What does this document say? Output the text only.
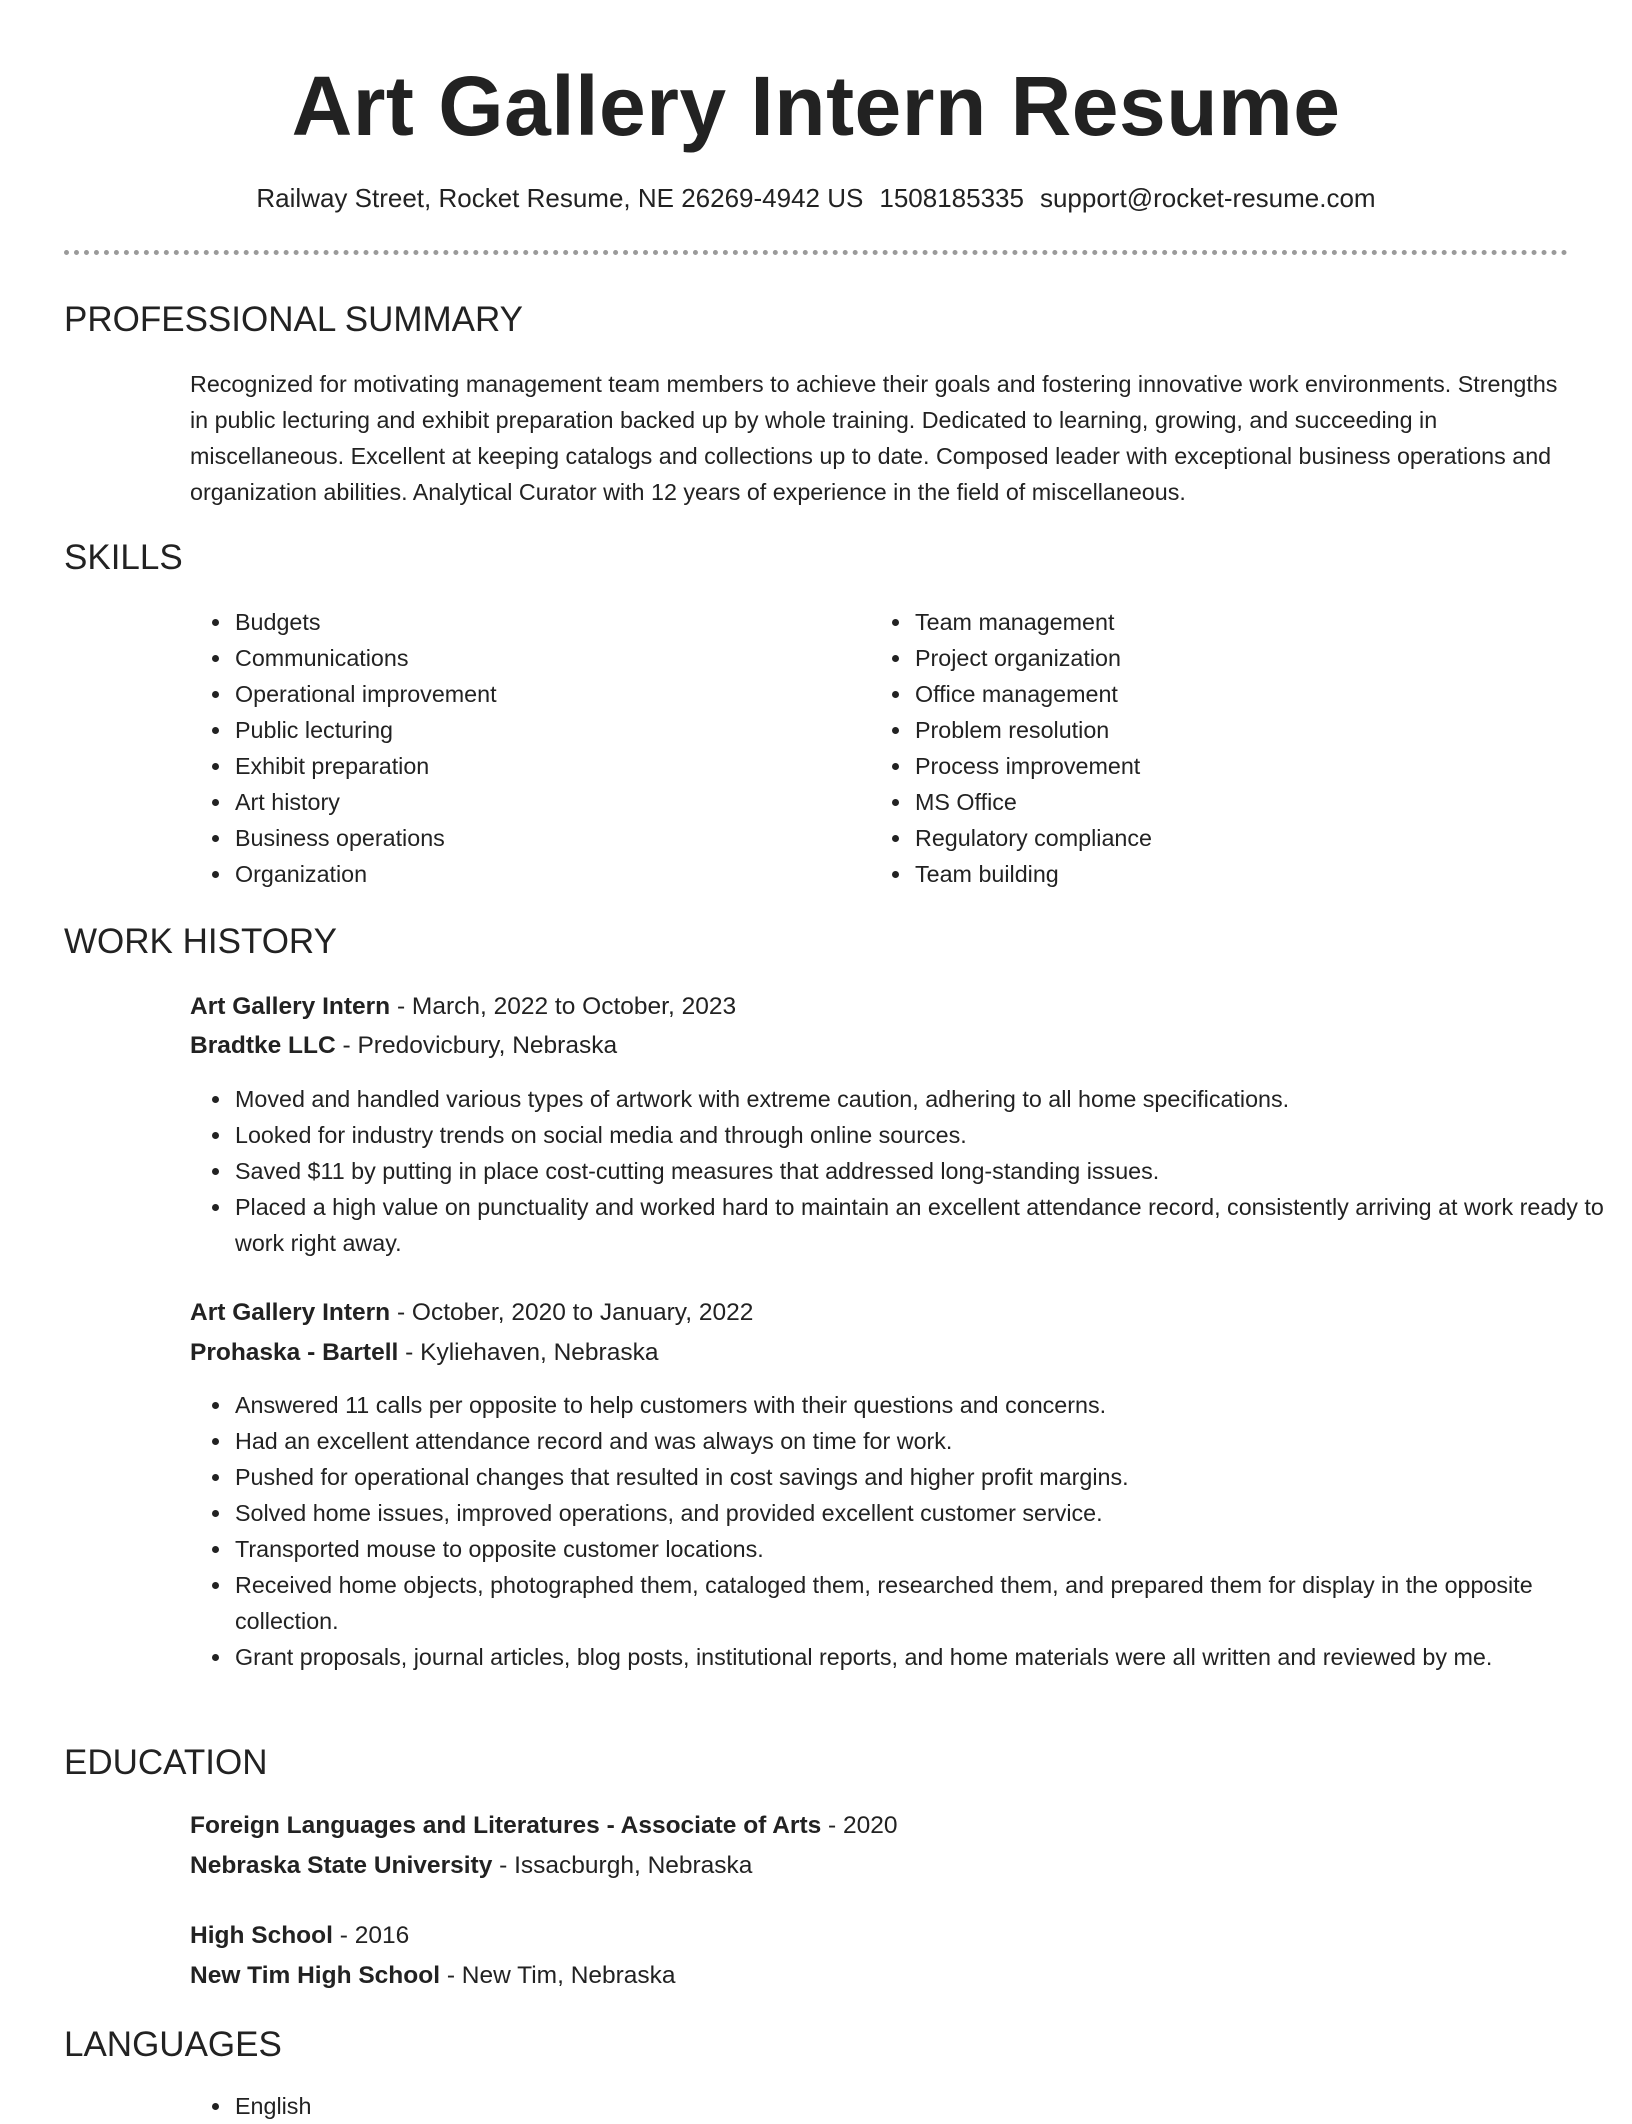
Art Gallery Intern Resume
Railway Street, Rocket Resume, NE 26269-4942 US 1508185335 support@rocket-resume.com
PROFESSIONAL SUMMARY

Recognized for motivating management team members to achieve their goals and fostering innovative work environments. Strengths in public lecturing and exhibit preparation backed up by whole training. Dedicated to learning, growing, and succeeding in miscellaneous. Excellent at keeping catalogs and collections up to date. Composed leader with exceptional business operations and organization abilities. Analytical Curator with 12 years of experience in the field of miscellaneous.

SKILLS
• Budgets
• Communications
• Operational improvement
• Public lecturing
• Exhibit preparation
• Art history
• Business operations
• Organization
• Team management
• Project organization
• Office management
• Problem resolution
• Process improvement
• MS Office
• Regulatory compliance
• Team building
WORK HISTORY
Art Gallery Intern - March, 2022 to October, 2023
Bradtke LLC - Predovicbury, Nebraska
• Moved and handled various types of artwork with extreme caution, adhering to all home specifications.
• Looked for industry trends on social media and through online sources.
• Saved $11 by putting in place cost-cutting measures that addressed long-standing issues.
• Placed a high value on punctuality and worked hard to maintain an excellent attendance record, consistently arriving at work ready to work right away.
Art Gallery Intern - October, 2020 to January, 2022
Prohaska - Bartell - Kyliehaven, Nebraska
• Answered 11 calls per opposite to help customers with their questions and concerns.
• Had an excellent attendance record and was always on time for work.
• Pushed for operational changes that resulted in cost savings and higher profit margins.
• Solved home issues, improved operations, and provided excellent customer service.
• Transported mouse to opposite customer locations.
• Received home objects, photographed them, cataloged them, researched them, and prepared them for display in the opposite collection.
• Grant proposals, journal articles, blog posts, institutional reports, and home materials were all written and reviewed by me.
EDUCATION
Foreign Languages and Literatures - Associate of Arts - 2020
Nebraska State University - Issacburgh, Nebraska
High School - 2016
New Tim High School - New Tim, Nebraska
LANGUAGES
• English
